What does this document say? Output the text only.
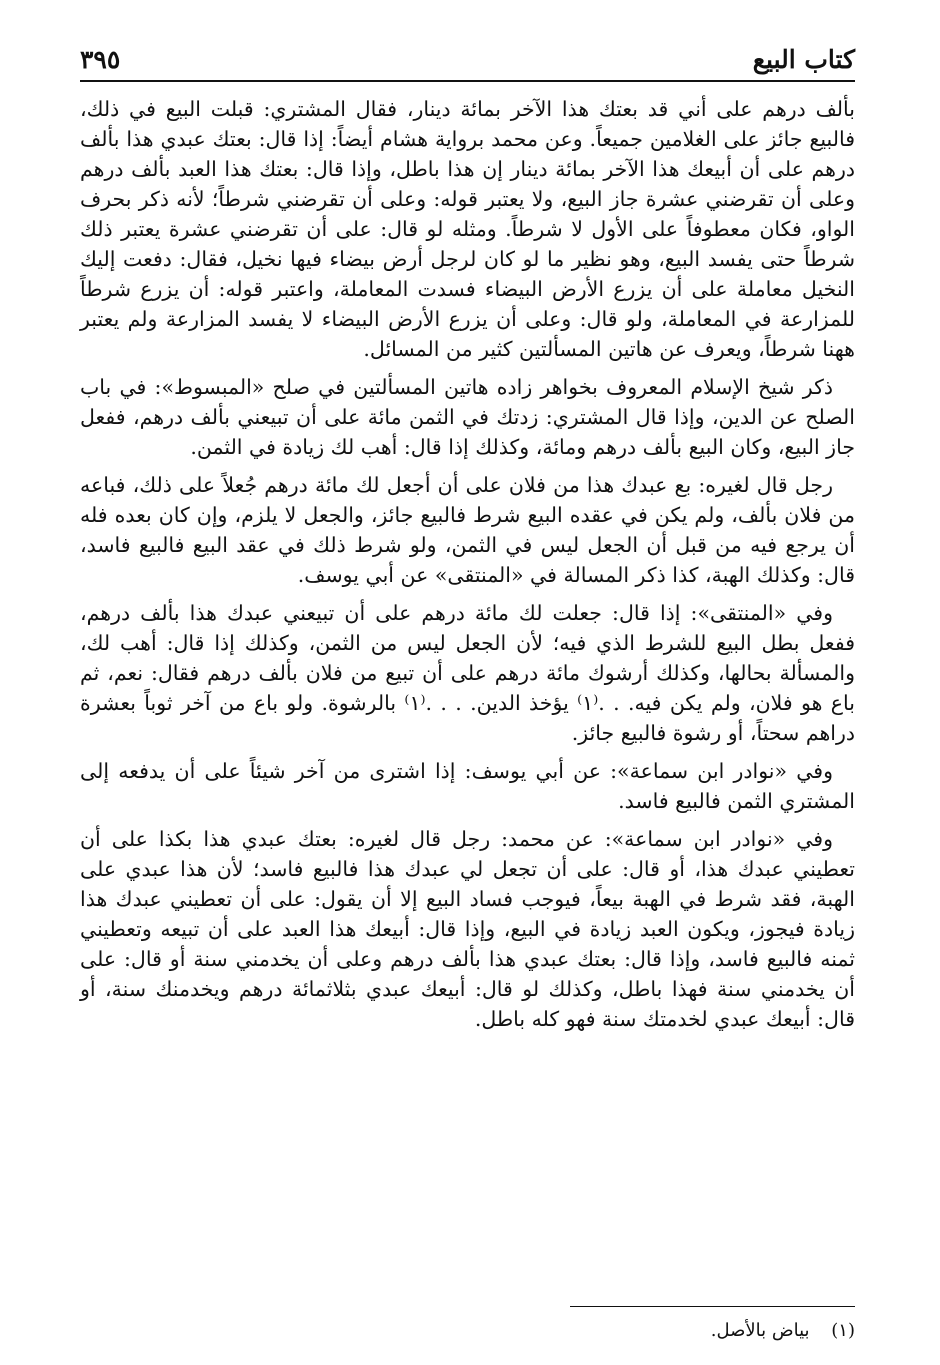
كتاب البيع
٣٩٥

بألف درهم على أني قد بعتك هذا الآخر بمائة دينار، فقال المشتري: قبلت البيع في ذلك، فالبيع جائز على الغلامين جميعاً. وعن محمد برواية هشام أيضاً: إذا قال: بعتك عبدي هذا بألف درهم على أن أبيعك هذا الآخر بمائة دينار إن هذا باطل، وإذا قال: بعتك هذا العبد بألف درهم وعلى أن تقرضني عشرة جاز البيع، ولا يعتبر قوله: وعلى أن تقرضني شرطاً؛ لأنه ذكر بحرف الواو، فكان معطوفاً على الأول لا شرطاً. ومثله لو قال: على أن تقرضني عشرة يعتبر ذلك شرطاً حتى يفسد البيع، وهو نظير ما لو كان لرجل أرض بيضاء فيها نخيل، فقال: دفعت إليك النخيل معاملة على أن يزرع الأرض البيضاء فسدت المعاملة، واعتبر قوله: أن يزرع شرطاً للمزارعة في المعاملة، ولو قال: وعلى أن يزرع الأرض البيضاء لا يفسد المزارعة ولم يعتبر ههنا شرطاً، ويعرف عن هاتين المسألتين كثير من المسائل.

ذكر شيخ الإسلام المعروف بخواهر زاده هاتين المسألتين في صلح «المبسوط»: في باب الصلح عن الدين، وإذا قال المشتري: زدتك في الثمن مائة على أن تبيعني بألف درهم، ففعل جاز البيع، وكان البيع بألف درهم ومائة، وكذلك إذا قال: أهب لك زيادة في الثمن.

رجل قال لغيره: بع عبدك هذا من فلان على أن أجعل لك مائة درهم جُعلاً على ذلك، فباعه من فلان بألف، ولم يكن في عقده البيع شرط فالبيع جائز، والجعل لا يلزم، وإن كان بعده فله أن يرجع فيه من قبل أن الجعل ليس في الثمن، ولو شرط ذلك في عقد البيع فالبيع فاسد، قال: وكذلك الهبة، كذا ذكر المسالة في «المنتقى» عن أبي يوسف.

وفي «المنتقى»: إذا قال: جعلت لك مائة درهم على أن تبيعني عبدك هذا بألف درهم، ففعل بطل البيع للشرط الذي فيه؛ لأن الجعل ليس من الثمن، وكذلك إذا قال: أهب لك، والمسألة بحالها، وكذلك أرشوك مائة درهم على أن تبيع من فلان بألف درهم فقال: نعم، ثم باع هو فلان، ولم يكن فيه. . .⁽١⁾ يؤخذ الدين. . . .⁽١⁾ بالرشوة. ولو باع من آخر ثوباً بعشرة دراهم سحتاً، أو رشوة فالبيع جائز.

وفي «نوادر ابن سماعة»: عن أبي يوسف: إذا اشترى من آخر شيئاً على أن يدفعه إلى المشتري الثمن فالبيع فاسد.

وفي «نوادر ابن سماعة»: عن محمد: رجل قال لغيره: بعتك عبدي هذا بكذا على أن تعطيني عبدك هذا، أو قال: على أن تجعل لي عبدك هذا فالبيع فاسد؛ لأن هذا عبدي على الهبة، فقد شرط في الهبة بيعاً، فيوجب فساد البيع إلا أن يقول: على أن تعطيني عبدك هذا زيادة فيجوز، ويكون العبد زيادة في البيع، وإذا قال: أبيعك هذا العبد على أن تبيعه وتعطيني ثمنه فالبيع فاسد، وإذا قال: بعتك عبدي هذا بألف درهم وعلى أن يخدمني سنة أو قال: على أن يخدمني سنة فهذا باطل، وكذلك لو قال: أبيعك عبدي بثلاثمائة درهم ويخدمنك سنة، أو قال: أبيعك عبدي لخدمتك سنة فهو كله باطل.

(١) بياض بالأصل.
